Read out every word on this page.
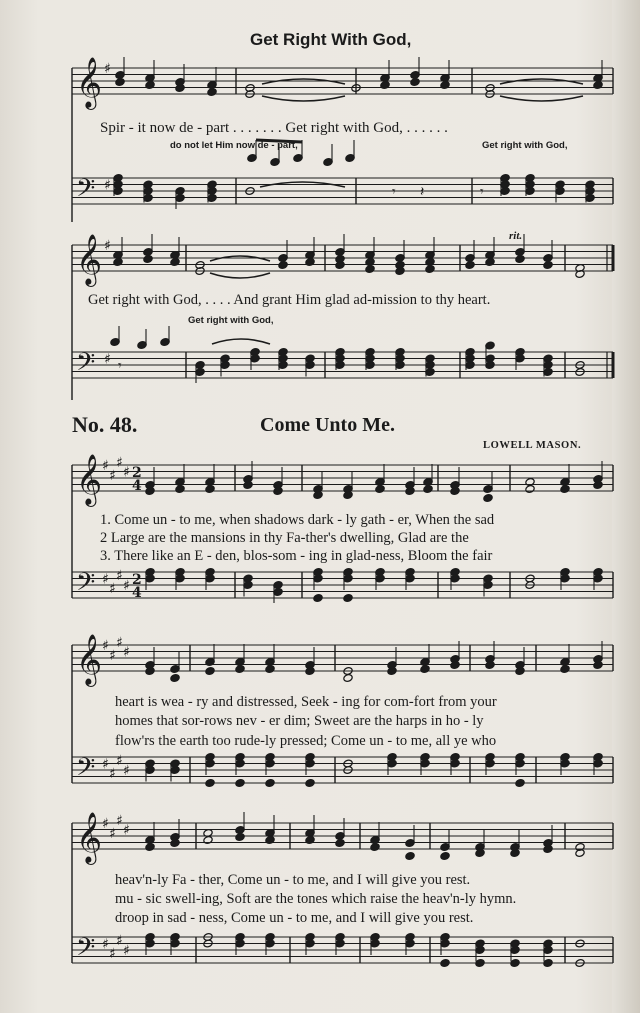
𝄞 ♯
𝄢 ♯	𝄾 𝄽	𝄾
𝄞 ♯
𝄢 ♯ 𝄾
𝄞
𝄢
♯
♯
♯
♯
♯
♯
♯
♯
2
2
4
4
𝄞
𝄢
♯
♯
♯
♯
♯
♯
♯
♯
𝄞
𝄢
♯
♯
♯
♯
♯
♯
♯
♯
Get Right With God,
Spir - it now de - part . . . . . . . Get right with God, . . . . . .
do not let Him now de - part,	Get right with God,
rit.
Get right with God, . . . . And grant Him glad ad-mission to thy heart.
Get right with God,
No. 48.	Come Unto Me.
LOWELL MASON.
1. Come un - to me, when shadows dark - ly gath - er, When the sad
2 Large are the mansions in thy Fa-ther's dwelling, Glad are the
3. There like an E - den, blos-som - ing in glad-ness, Bloom the fair
heart is wea - ry and distressed, Seek - ing for com-fort from your
homes that sor-rows nev - er dim; Sweet are the harps in ho - ly
flow'rs the earth too rude-ly pressed; Come un - to me, all ye who
heav'n-ly Fa - ther, Come un - to me, and I will give you rest.
mu - sic swell-ing, Soft are the tones which raise the heav'n-ly hymn.
droop in sad - ness, Come un - to me, and I will give you rest.
